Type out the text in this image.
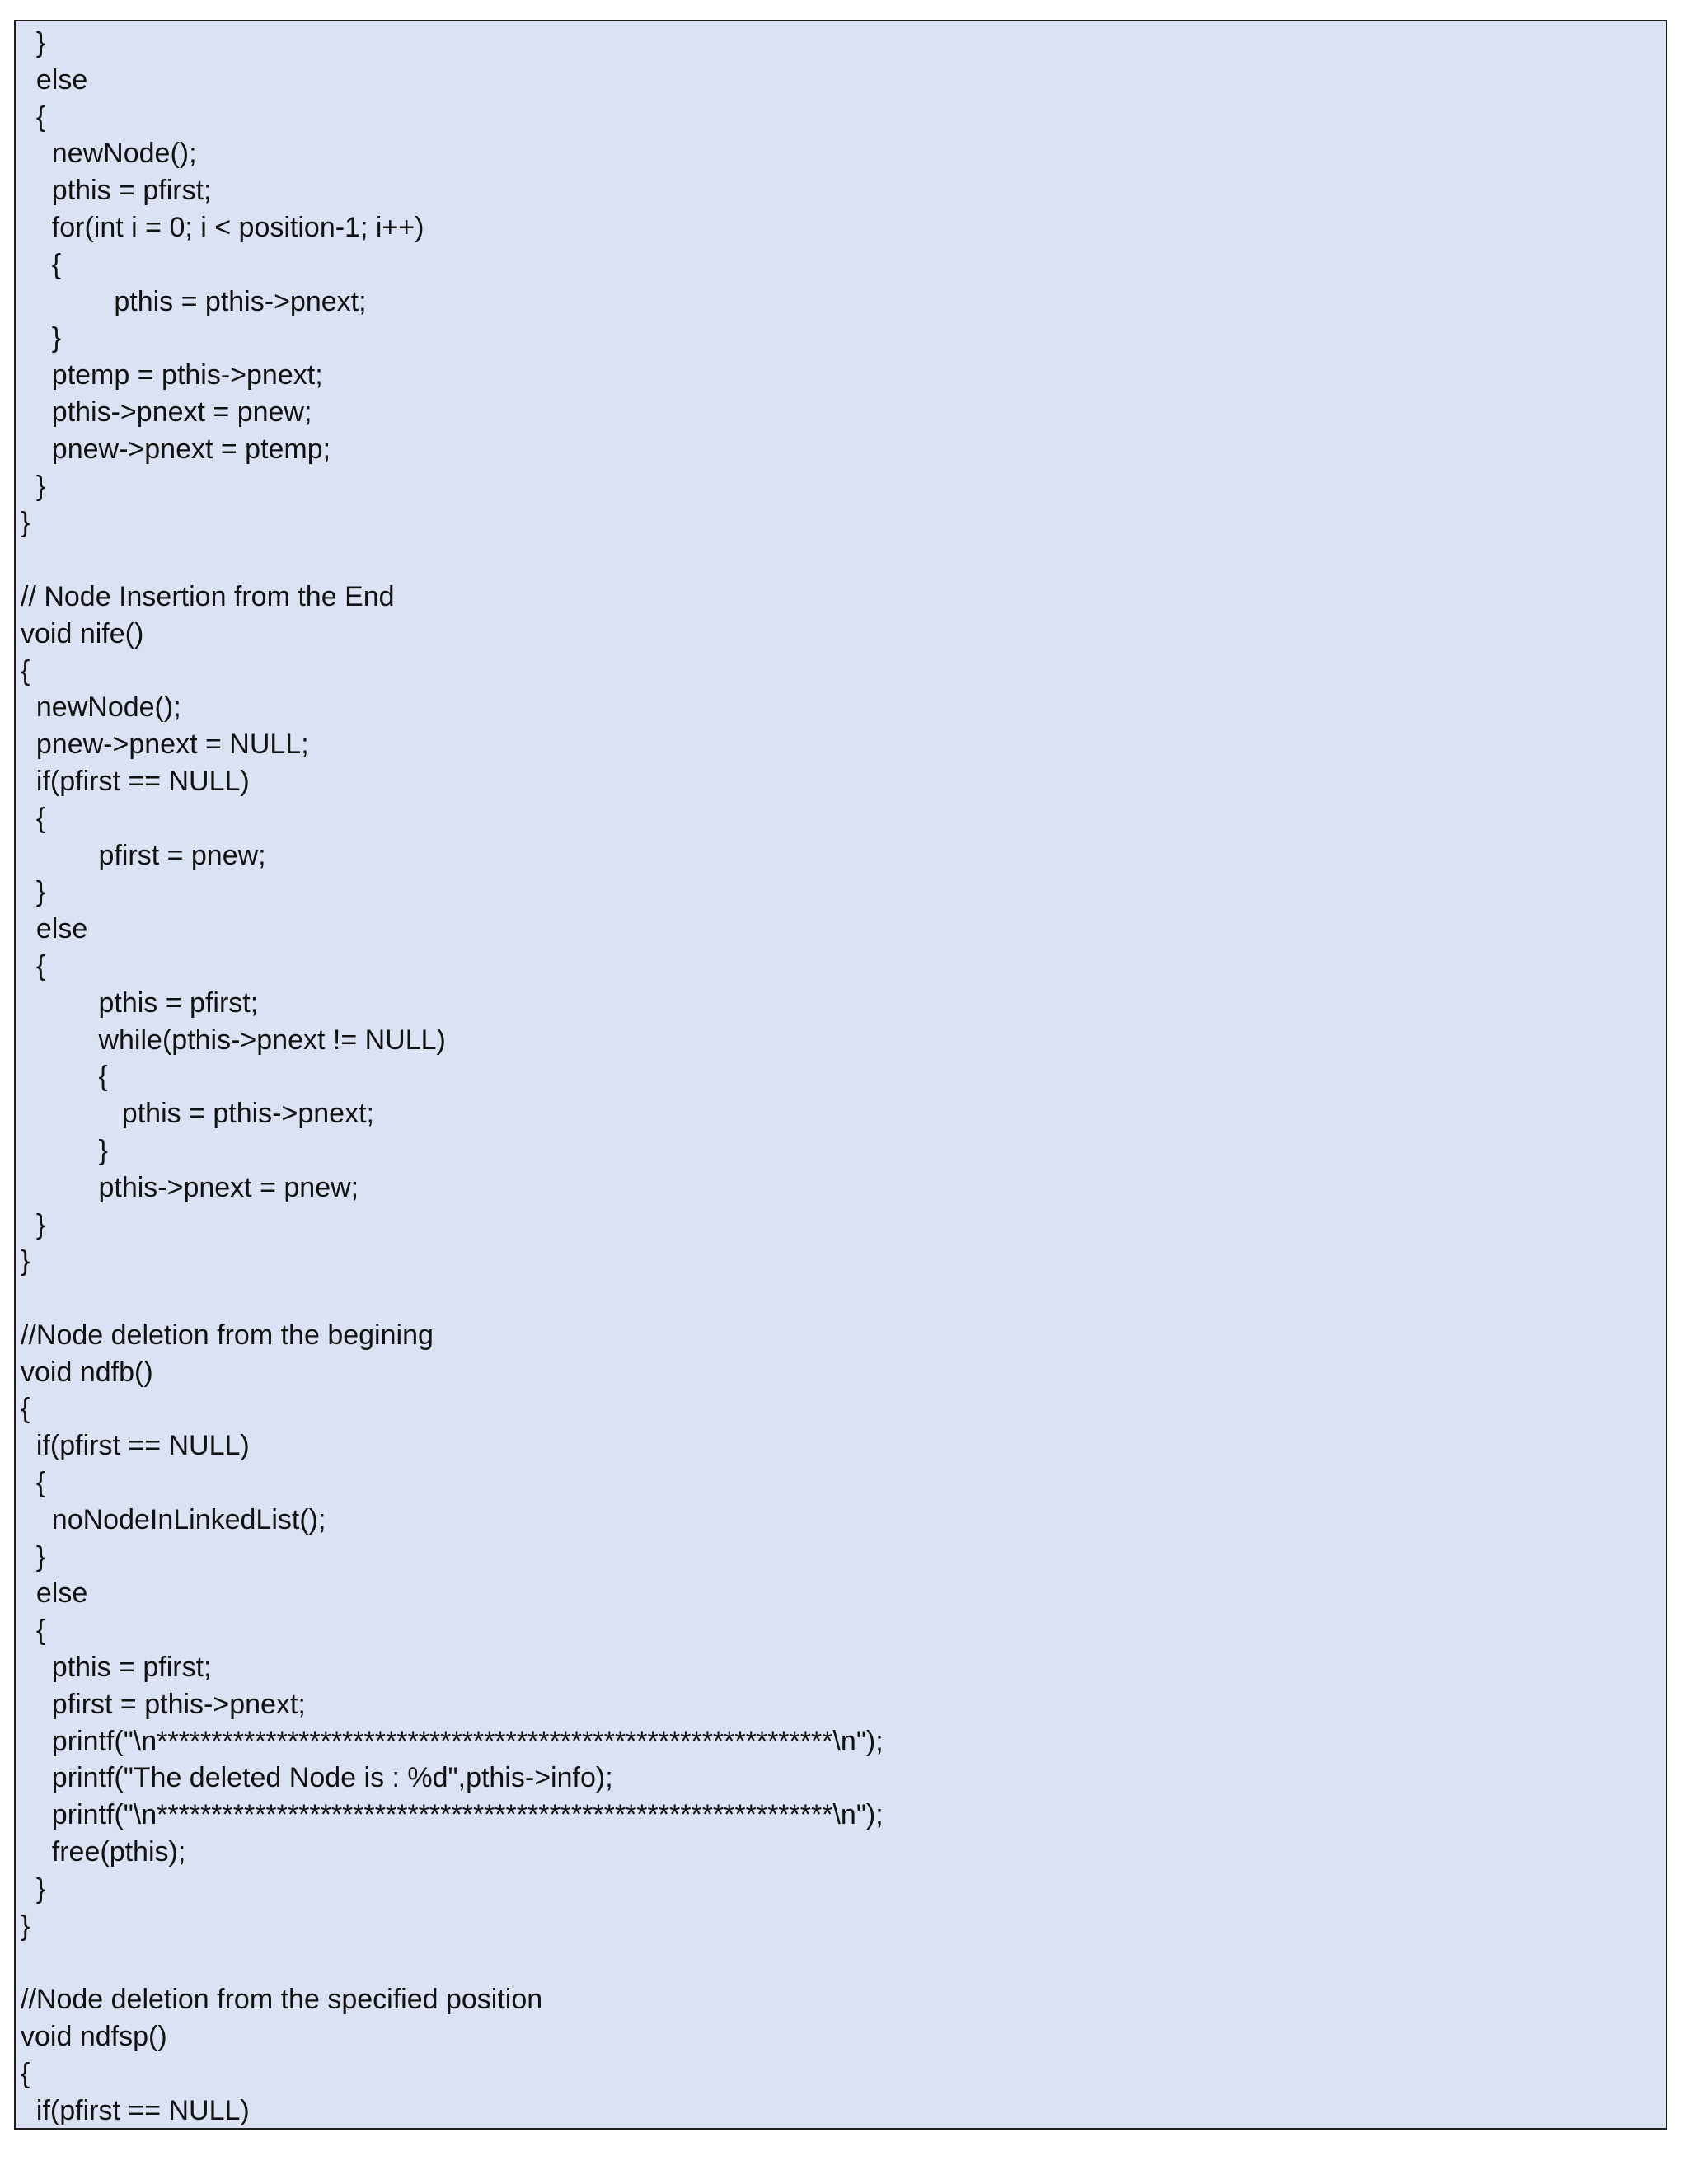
}
else
{
newNode();
pthis = pfirst;
for(int i = 0; i < position-1; i++)
{
pthis = pthis->pnext;
}
ptemp = pthis->pnext;
pthis->pnext = pnew;
pnew->pnext = ptemp;
}
}
// Node Insertion from the End
void nife()
{
newNode();
pnew->pnext = NULL;
if(pfirst == NULL)
{
pfirst = pnew;
}
else
{
pthis = pfirst;
while(pthis->pnext != NULL)
{
pthis = pthis->pnext;
}
pthis->pnext = pnew;
}
}
//Node deletion from the begining
void ndfb()
{
if(pfirst == NULL)
{
noNodeInLinkedList();
}
else
{
pthis = pfirst;
pfirst = pthis->pnext;
printf("\n**************************************************************\n");
printf("The deleted Node is : %d",pthis->info);
printf("\n**************************************************************\n");
free(pthis);
}
}
//Node deletion from the specified position
void ndfsp()
{
if(pfirst == NULL)
